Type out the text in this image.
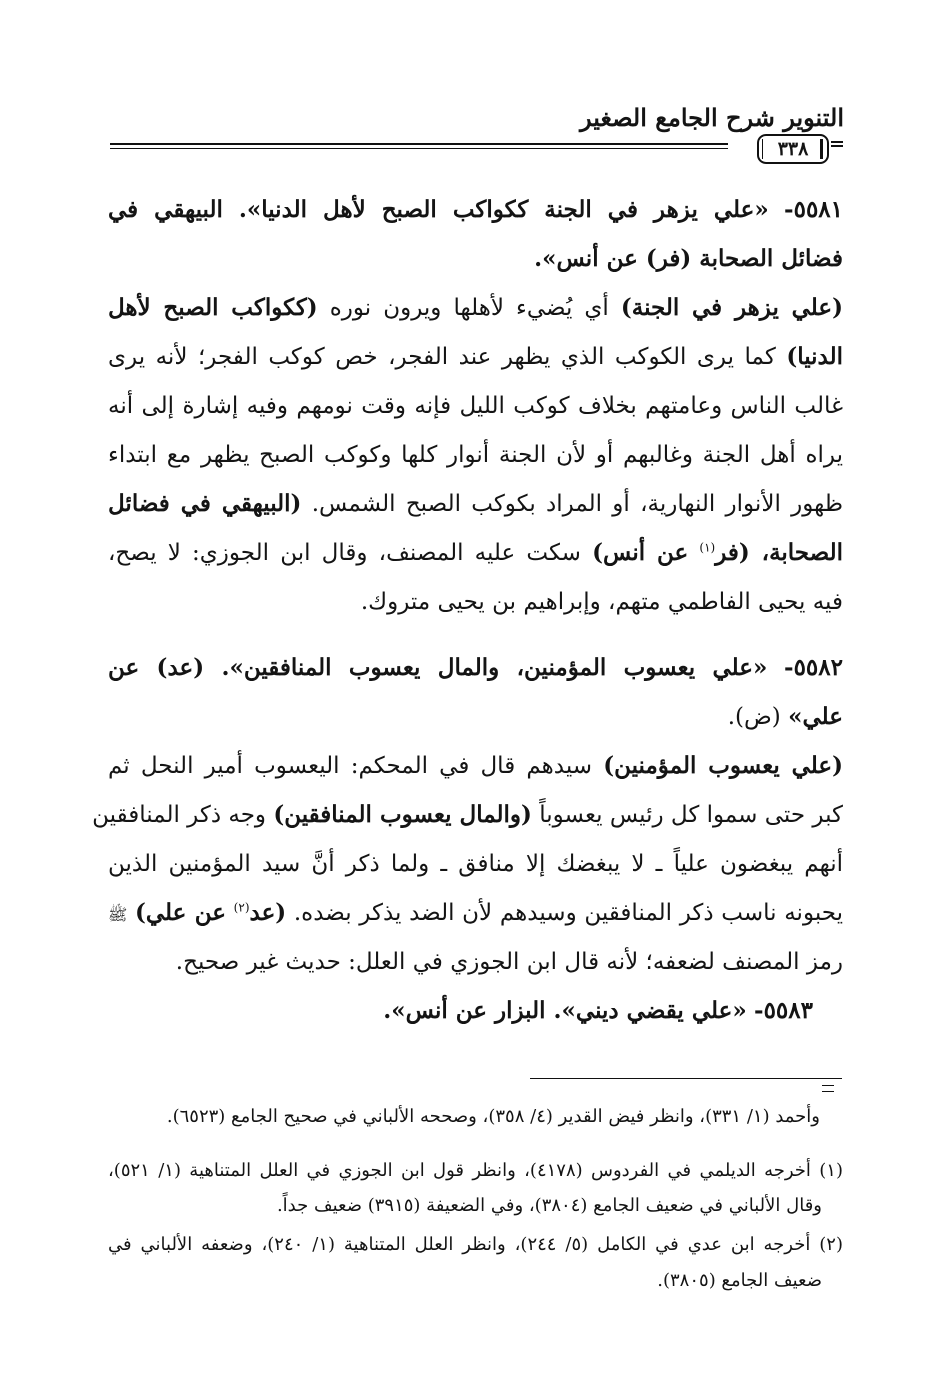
التنوير شرح الجامع الصغير
٣٣٨
٥٥٨١- «علي يزهر في الجنة ككواكب الصبح لأهل الدنيا». البيهقي في
فضائل الصحابة (فر) عن أنس».
(علي يزهر في الجنة) أي يُضيء لأهلها ويرون نوره (ككواكب الصبح لأهل
الدنيا) كما يرى الكوكب الذي يظهر عند الفجر، خص كوكب الفجر؛ لأنه يرى
غالب الناس وعامتهم بخلاف كوكب الليل فإنه وقت نومهم وفيه إشارة إلى أنه
يراه أهل الجنة وغالبهم أو لأن الجنة أنوار كلها وكوكب الصبح يظهر مع ابتداء
ظهور الأنوار النهارية، أو المراد بكوكب الصبح الشمس. (البيهقي في فضائل
الصحابة، (فر$^{(١)}$ عن أنس) سكت عليه المصنف، وقال ابن الجوزي: لا يصح،
فيه يحيى الفاطمي متهم، وإبراهيم بن يحيى متروك.
٥٥٨٢- «علي يعسوب المؤمنين، والمال يعسوب المنافقين». (عد) عن
علي» (ض).
(علي يعسوب المؤمنين) سيدهم قال في المحكم: اليعسوب أمير النحل ثم
كبر حتى سموا كل رئيس يعسوباً (والمال يعسوب المنافقين) وجه ذكر المنافقين
أنهم يبغضون علياً ـ لا يبغضك إلا منافق ـ ولما ذكر أنَّ سيد المؤمنين الذين
يحبونه ناسب ذكر المنافقين وسيدهم لأن الضد يذكر بضده. (عد$^{(٢)}$ عن علي) ﷺ
رمز المصنف لضعفه؛ لأنه قال ابن الجوزي في العلل: حديث غير صحيح.
٥٥٨٣- «علي يقضي ديني». البزار عن أنس».
وأحمد (١/ ٣٣١)، وانظر فيض القدير (٤/ ٣٥٨)، وصححه الألباني في صحيح الجامع (٦٥٢٣).
(١) أخرجه الديلمي في الفردوس (٤١٧٨)، وانظر قول ابن الجوزي في العلل المتناهية (١/ ٥٢١)،
وقال الألباني في ضعيف الجامع (٣٨٠٤)، وفي الضعيفة (٣٩١٥) ضعيف جداً.
(٢) أخرجه ابن عدي في الكامل (٥/ ٢٤٤)، وانظر العلل المتناهية (١/ ٢٤٠)، وضعفه الألباني في
ضعيف الجامع (٣٨٠٥).
